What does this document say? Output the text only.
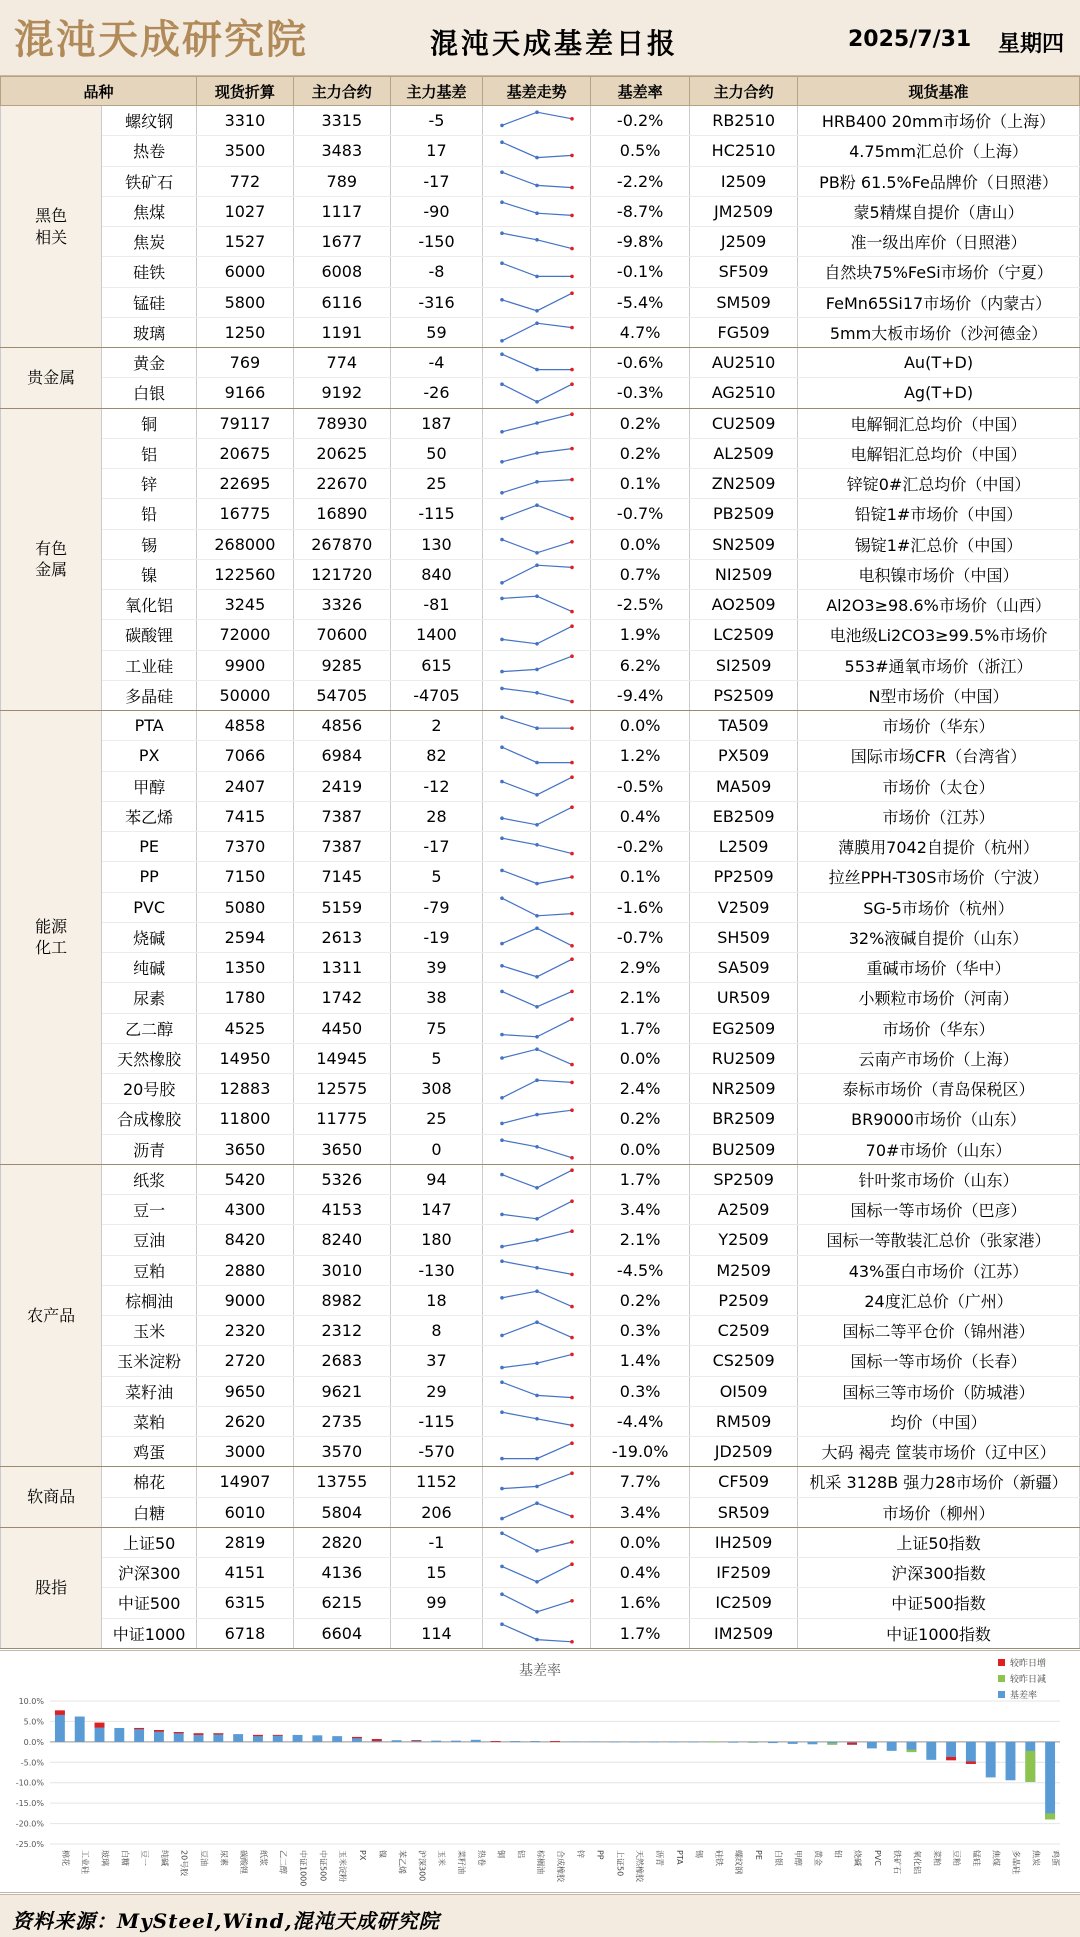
混沌天成研究院	混沌天成基差日报	2025/7/31 星期四
品种		现货折算	主力合约	主力基差	基差走势	基差率	主力合约	现货基准
黑色
相关	螺纹钢	3310	3315	-5		-0.2%	RB2510	HRB400 20mm市场价（上海）
	热卷	3500	3483	17		0.5%	HC2510	4.75mm汇总价（上海）
	铁矿石	772	789	-17		-2.2%	I2509	PB粉 61.5%Fe品牌价（日照港）
	焦煤	1027	1117	-90		-8.7%	JM2509	蒙5精煤自提价（唐山）
	焦炭	1527	1677	-150		-9.8%	J2509	准一级出库价（日照港）
	硅铁	6000	6008	-8		-0.1%	SF509	自然块75%FeSi市场价（宁夏）
	锰硅	5800	6116	-316		-5.4%	SM509	FeMn65Si17市场价（内蒙古）
	玻璃	1250	1191	59		4.7%	FG509	5mm大板市场价（沙河德金）
贵金属	黄金	769	774	-4		-0.6%	AU2510	Au(T+D)
	白银	9166	9192	-26		-0.3%	AG2510	Ag(T+D)
有色
金属	铜	79117	78930	187		0.2%	CU2509	电解铜汇总均价（中国）
	铝	20675	20625	50		0.2%	AL2509	电解铝汇总均价（中国）
	锌	22695	22670	25		0.1%	ZN2509	锌锭0#汇总均价（中国）
	铅	16775	16890	-115		-0.7%	PB2509	铅锭1#市场价（中国）
	锡	268000	267870	130		0.0%	SN2509	锡锭1#汇总价（中国）
	镍	122560	121720	840		0.7%	NI2509	电积镍市场价（中国）
	氧化铝	3245	3326	-81		-2.5%	AO2509	Al2O3≥98.6%市场价（山西）
	碳酸锂	72000	70600	1400		1.9%	LC2509	电池级Li2CO3≥99.5%市场价
	工业硅	9900	9285	615		6.2%	SI2509	553#通氧市场价（浙江）
	多晶硅	50000	54705	-4705		-9.4%	PS2509	N型市场价（中国）
能源
化工	PTA	4858	4856	2		0.0%	TA509	市场价（华东）
	PX	7066	6984	82		1.2%	PX509	国际市场CFR（台湾省）
	甲醇	2407	2419	-12		-0.5%	MA509	市场价（太仓）
	苯乙烯	7415	7387	28		0.4%	EB2509	市场价（江苏）
	PE	7370	7387	-17		-0.2%	L2509	薄膜用7042自提价（杭州）
	PP	7150	7145	5		0.1%	PP2509	拉丝PPH-T30S市场价（宁波）
	PVC	5080	5159	-79		-1.6%	V2509	SG-5市场价（杭州）
	烧碱	2594	2613	-19		-0.7%	SH509	32%液碱自提价（山东）
	纯碱	1350	1311	39		2.9%	SA509	重碱市场价（华中）
	尿素	1780	1742	38		2.1%	UR509	小颗粒市场价（河南）
	乙二醇	4525	4450	75		1.7%	EG2509	市场价（华东）
	天然橡胶	14950	14945	5		0.0%	RU2509	云南产市场价（上海）
	20号胶	12883	12575	308		2.4%	NR2509	泰标市场价（青岛保税区）
	合成橡胶	11800	11775	25		0.2%	BR2509	BR9000市场价（山东）
	沥青	3650	3650	0		0.0%	BU2509	70#市场价（山东）
农产品	纸浆	5420	5326	94		1.7%	SP2509	针叶浆市场价（山东）
	豆一	4300	4153	147		3.4%	A2509	国标一等市场价（巴彦）
	豆油	8420	8240	180		2.1%	Y2509	国标一等散装汇总价（张家港）
	豆粕	2880	3010	-130		-4.5%	M2509	43%蛋白市场价（江苏）
	棕榈油	9000	8982	18		0.2%	P2509	24度汇总价（广州）
	玉米	2320	2312	8		0.3%	C2509	国标二等平仓价（锦州港）
	玉米淀粉	2720	2683	37		1.4%	CS2509	国标一等市场价（长春）
	菜籽油	9650	9621	29		0.3%	OI509	国标三等市场价（防城港）
	菜粕	2620	2735	-115		-4.4%	RM509	均价（中国）
	鸡蛋	3000	3570	-570		-19.0%	JD2509	大码 褐壳 筐装市场价（辽中区）
软商品	棉花	14907	13755	1152		7.7%	CF509	机采 3128B 强力28市场价（新疆）
	白糖	6010	5804	206		3.4%	SR509	市场价（柳州）
股指	上证50	2819	2820	-1		0.0%	IH2509	上证50指数
	沪深300	4151	4136	15		0.4%	IF2509	沪深300指数
	中证500	6315	6215	99		1.6%	IC2509	中证500指数
	中证1000	6718	6604	114		1.7%	IM2509	中证1000指数
基差率
10.0%
5.0%
0.0%
-5.0%
-10.0%
-15.0%
-20.0%
-25.0%
棉花 工业硅 玻璃 白糖 豆一 纯碱 20号胶 豆油 尿素 碳酸锂 纸浆 乙二醇 中证1000 中证500 玉米淀粉 PX 镍 苯乙烯 沪深300 玉米 菜籽油 热卷 铜 铝 棕榈油 合成橡胶 锌 PP 上证50 天然橡胶 沥青 PTA 锡 硅铁 螺纹钢 PE 白银 甲醇 黄金 铅 烧碱 PVC 铁矿石 氧化铝 菜粕 豆粕 锰硅 焦煤 多晶硅 焦炭 鸡蛋
较昨日增
较昨日减
基差率
资料来源：MySteel,Wind,混沌天成研究院
